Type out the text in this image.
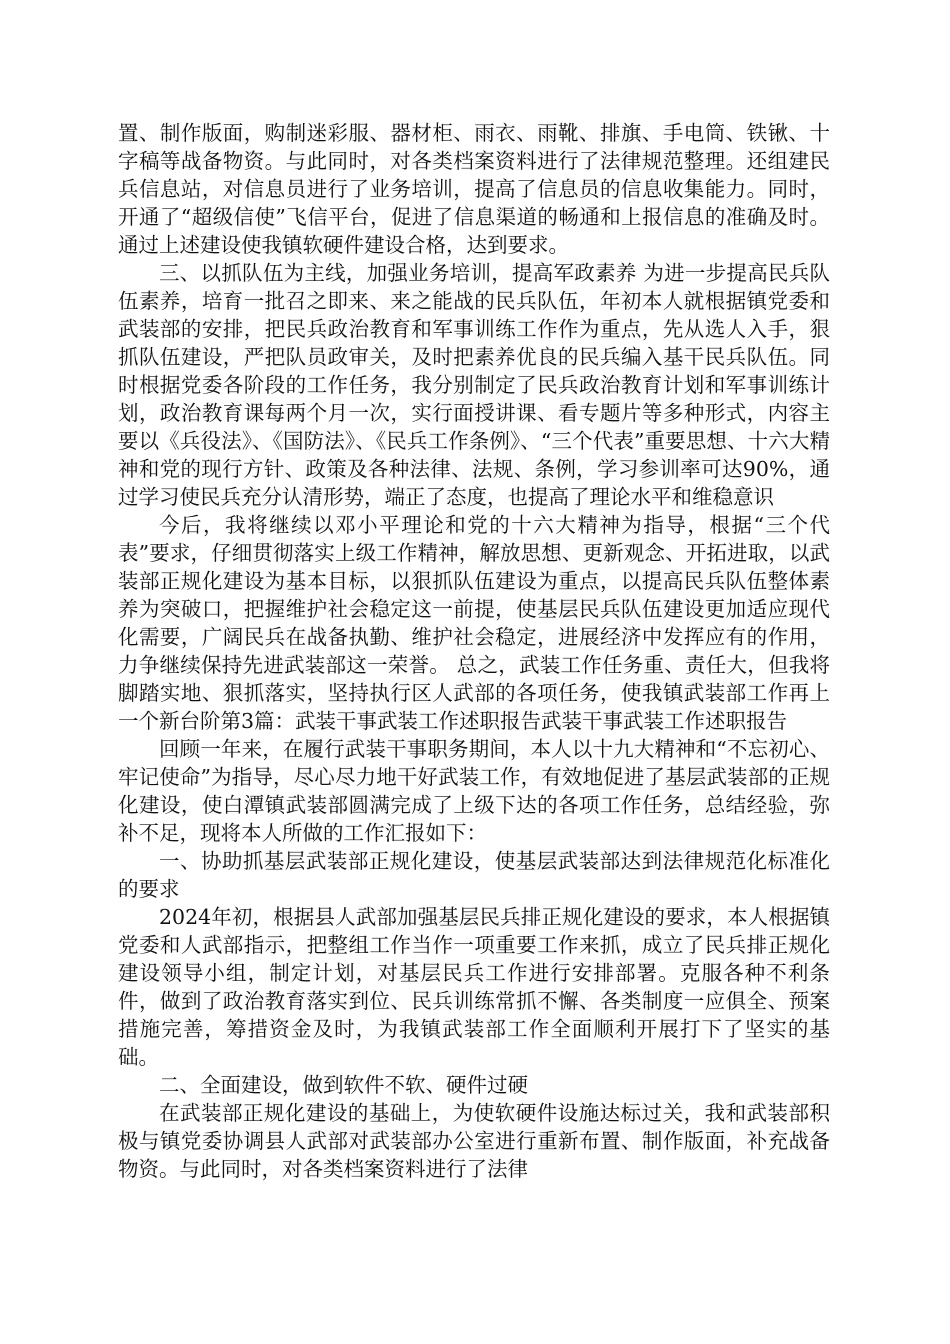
置、制作版面，购制迷彩服、器材柜、雨衣、雨靴、排旗、手电筒、铁锹、十字稿等战备物资。与此同时，对各类档案资料进行了法律规范整理。还组建民兵信息站，对信息员进行了业务培训，提高了信息员的信息收集能力。同时，开通了“超级信使”飞信平台，促进了信息渠道的畅通和上报信息的准确及时。通过上述建设使我镇软硬件建设合格，达到要求。

三、以抓队伍为主线，加强业务培训，提高军政素养 为进一步提高民兵队伍素养，培育一批召之即来、来之能战的民兵队伍，年初本人就根据镇党委和武装部的安排，把民兵政治教育和军事训练工作作为重点，先从选人入手，狠抓队伍建设，严把队员政审关，及时把素养优良的民兵编入基干民兵队伍。同时根据党委各阶段的工作任务，我分别制定了民兵政治教育计划和军事训练计划，政治教育课每两个月一次，实行面授讲课、看专题片等多种形式，内容主要以《兵役法》、《国防法》、《民兵工作条例》、“三个代表”重要思想、十六大精神和党的现行方针、政策及各种法律、法规、条例，学习参训率可达90%，通过学习使民兵充分认清形势，端正了态度，也提高了理论水平和维稳意识

今后，我将继续以邓小平理论和党的十六大精神为指导，根据“三个代表”要求，仔细贯彻落实上级工作精神，解放思想、更新观念、开拓进取，以武装部正规化建设为基本目标，以狠抓队伍建设为重点，以提高民兵队伍整体素养为突破口，把握维护社会稳定这一前提，使基层民兵队伍建设更加适应现代化需要，广阔民兵在战备执勤、维护社会稳定，进展经济中发挥应有的作用，力争继续保持先进武装部这一荣誉。 总之，武装工作任务重、责任大，但我将脚踏实地、狠抓落实，坚持执行区人武部的各项任务，使我镇武装部工作再上一个新台阶第3篇：武装干事武装工作述职报告武装干事武装工作述职报告

回顾一年来，在履行武装干事职务期间，本人以十九大精神和“不忘初心、牢记使命”为指导，尽心尽力地干好武装工作，有效地促进了基层武装部的正规化建设，使白潭镇武装部圆满完成了上级下达的各项工作任务，总结经验，弥补不足，现将本人所做的工作汇报如下：

一、协助抓基层武装部正规化建设，使基层武装部达到法律规范化标准化的要求

2024年初，根据县人武部加强基层民兵排正规化建设的要求，本人根据镇党委和人武部指示，把整组工作当作一项重要工作来抓，成立了民兵排正规化建设领导小组，制定计划，对基层民兵工作进行安排部署。克服各种不利条件，做到了政治教育落实到位、民兵训练常抓不懈、各类制度一应俱全、预案措施完善，筹措资金及时，为我镇武装部工作全面顺利开展打下了坚实的基础。

二、全面建设，做到软件不软、硬件过硬

在武装部正规化建设的基础上，为使软硬件设施达标过关，我和武装部积极与镇党委协调县人武部对武装部办公室进行重新布置、制作版面，补充战备物资。与此同时，对各类档案资料进行了法律
